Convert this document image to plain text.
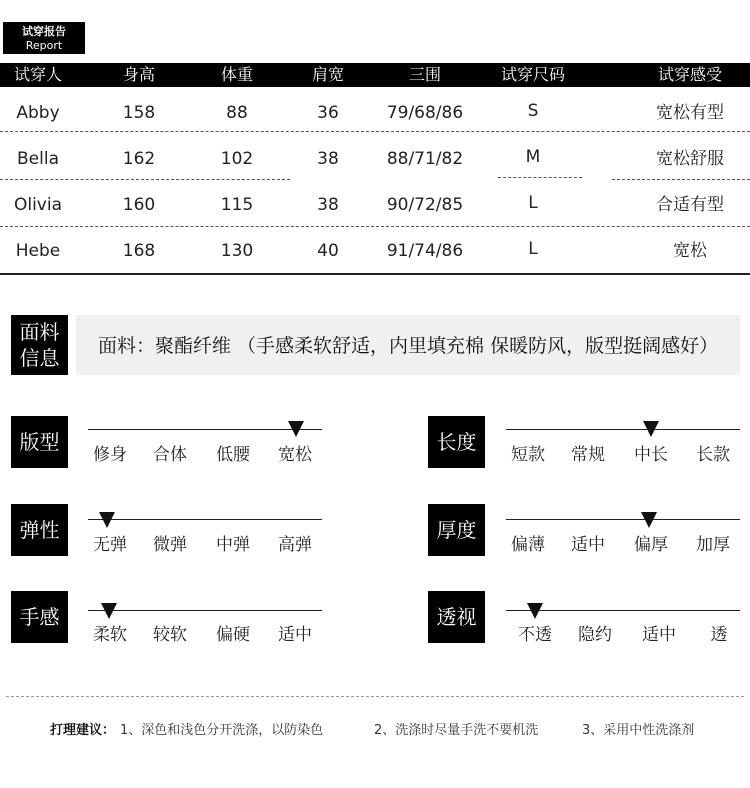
试穿报告
Report
试穿人	身高	体重	肩宽	三围	试穿尺码	试穿感受
Abby	158	88	36	79/68/86	S	宽松有型
Bella	162	102	38	88/71/82	M	宽松舒服
Olivia	160	115	38	90/72/85	L	合适有型
Hebe	168	130	40	91/74/86	L	宽松
面料信息 面料：聚酯纤维 （手感柔软舒适，内里填充棉 保暖防风，版型挺阔感好）
版型
修身 合体 低腰 宽松
长度
短款 常规 中长 长款
弹性
无弹 微弹 中弹 高弹
厚度
偏薄 适中 偏厚 加厚
手感
柔软 较软 偏硬 适中
透视
不透 隐约 适中 透
打理建议： 1、深色和浅色分开洗涤，以防染色	2、洗涤时尽量手洗不要机洗	3、采用中性洗涤剂
